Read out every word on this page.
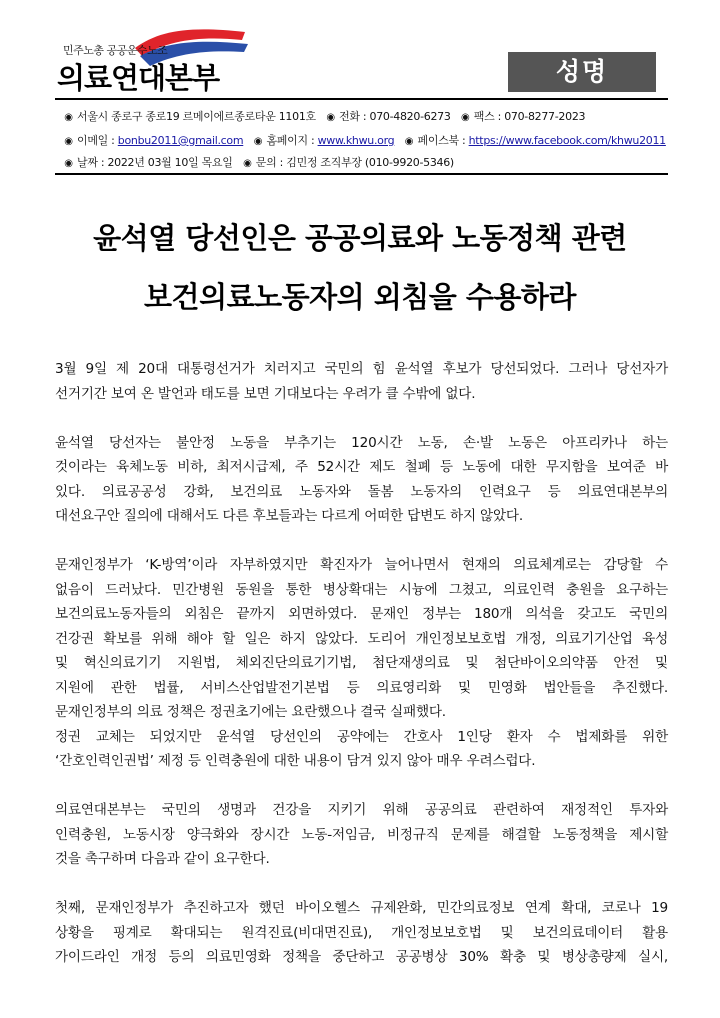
민주노총 공공운수노조
의료연대본부	성명
◉ 서울시 종로구 종로19 르메이에르종로타운 1101호 ◉ 전화 : 070-4820-6273 ◉ 팩스 : 070-8277-2023
◉ 이메일 : bonbu2011@gmail.com ◉ 홈페이지 : www.khwu.org ◉ 페이스북 : https://www.facebook.com/khwu2011
◉ 날짜 : 2022년 03월 10일 목요일 ◉ 문의 : 김민정 조직부장 (010-9920-5346)
윤석열 당선인은 공공의료와 노동정책 관련
보건의료노동자의 외침을 수용하라
3월 9일 제 20대 대통령선거가 치러지고 국민의 힘 윤석열 후보가 당선되었다. 그러나 당선자가
선거기간 보여 온 발언과 태도를 보면 기대보다는 우려가 클 수밖에 없다.
윤석열 당선자는 불안정 노동을 부추기는 120시간 노동, 손·발 노동은 아프리카나 하는
것이라는 육체노동 비하, 최저시급제, 주 52시간 제도 철폐 등 노동에 대한 무지함을 보여준 바
있다. 의료공공성 강화, 보건의료 노동자와 돌봄 노동자의 인력요구 등 의료연대본부의
대선요구안 질의에 대해서도 다른 후보들과는 다르게 어떠한 답변도 하지 않았다.
문재인정부가 ‘K-방역’이라 자부하였지만 확진자가 늘어나면서 현재의 의료체계로는 감당할 수
없음이 드러났다. 민간병원 동원을 통한 병상확대는 시늉에 그쳤고, 의료인력 충원을 요구하는
보건의료노동자들의 외침은 끝까지 외면하였다. 문재인 정부는 180개 의석을 갖고도 국민의
건강권 확보를 위해 해야 할 일은 하지 않았다. 도리어 개인정보보호법 개정, 의료기기산업 육성
및 혁신의료기기 지원법, 체외진단의료기기법, 첨단재생의료 및 첨단바이오의약품 안전 및
지원에 관한 법률, 서비스산업발전기본법 등 의료영리화 및 민영화 법안들을 추진했다.
문재인정부의 의료 정책은 정권초기에는 요란했으나 결국 실패했다.
정권 교체는 되었지만 윤석열 당선인의 공약에는 간호사 1인당 환자 수 법제화를 위한
‘간호인력인권법’ 제정 등 인력충원에 대한 내용이 담겨 있지 않아 매우 우려스럽다.
의료연대본부는 국민의 생명과 건강을 지키기 위해 공공의료 관련하여 재정적인 투자와
인력충원, 노동시장 양극화와 장시간 노동-저임금, 비정규직 문제를 해결할 노동정책을 제시할
것을 촉구하며 다음과 같이 요구한다.
첫째, 문재인정부가 추진하고자 했던 바이오헬스 규제완화, 민간의료정보 연계 확대, 코로나 19
상황을 핑계로 확대되는 원격진료(비대면진료), 개인정보보호법 및 보건의료데이터 활용
가이드라인 개정 등의 의료민영화 정책을 중단하고 공공병상 30% 확충 및 병상총량제 실시,
